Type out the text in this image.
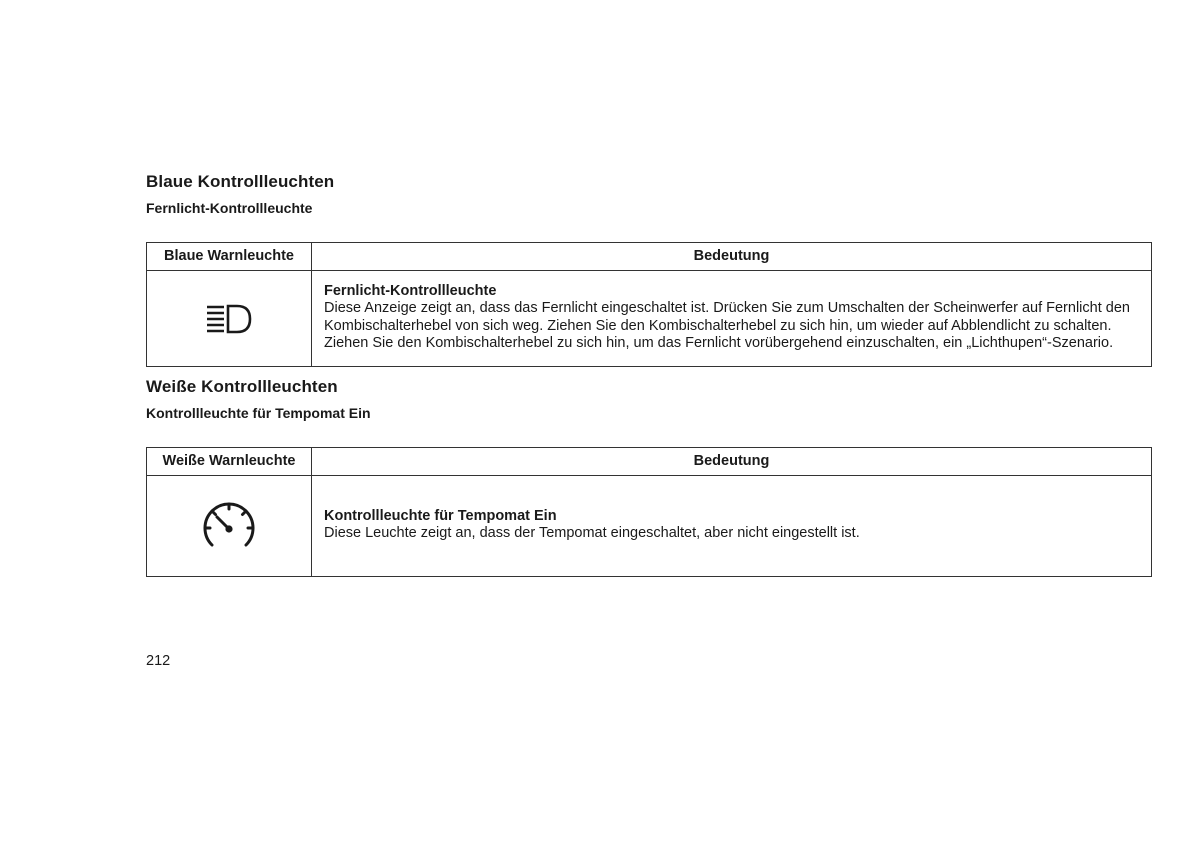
Blaue Kontrollleuchten
Fernlicht-Kontrollleuchte
Blaue Warnleuchte	Bedeutung

Fernlicht-Kontrollleuchte
Diese Anzeige zeigt an, dass das Fernlicht eingeschaltet ist. Drücken Sie zum Umschalten der Scheinwerfer auf Fernlicht den Kombischalterhebel von sich weg. Ziehen Sie den Kombischalterhebel zu sich hin, um wieder auf Abblendlicht zu schalten. Ziehen Sie den Kombischalterhebel zu sich hin, um das Fernlicht vorübergehend einzuschalten, ein „Lichthupen“-Szenario.
Weiße Kontrollleuchten
Kontrollleuchte für Tempomat Ein
Weiße Warnleuchte	Bedeutung

Kontrollleuchte für Tempomat Ein
Diese Leuchte zeigt an, dass der Tempomat eingeschaltet, aber nicht eingestellt ist.
212
